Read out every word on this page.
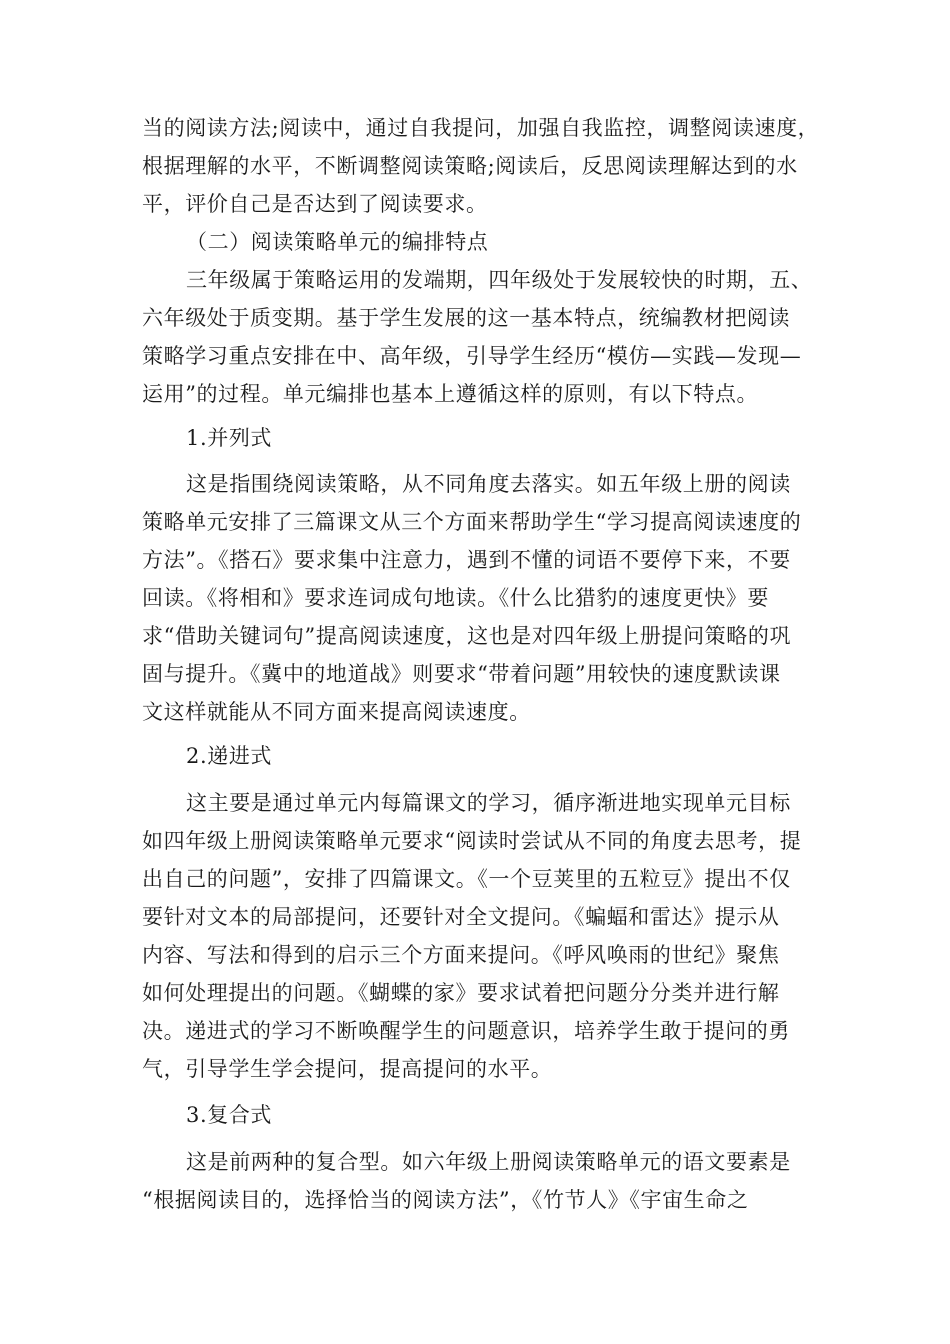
当的阅读方法;阅读中，通过自我提问，加强自我监控，调整阅读速度，
根据理解的水平，不断调整阅读策略;阅读后，反思阅读理解达到的水
平，评价自己是否达到了阅读要求。
（二）阅读策略单元的编排特点
三年级属于策略运用的发端期，四年级处于发展较快的时期，五、
六年级处于质变期。基于学生发展的这一基本特点，统编教材把阅读
策略学习重点安排在中、高年级，引导学生经历“模仿—实践—发现—
运用”的过程。单元编排也基本上遵循这样的原则，有以下特点。
1.并列式
这是指围绕阅读策略，从不同角度去落实。如五年级上册的阅读
策略单元安排了三篇课文从三个方面来帮助学生“学习提高阅读速度的
方法”。《搭石》要求集中注意力，遇到不懂的词语不要停下来，不要
回读。《将相和》要求连词成句地读。《什么比猎豹的速度更快》要
求“借助关键词句”提高阅读速度，这也是对四年级上册提问策略的巩
固与提升。《冀中的地道战》则要求“带着问题”用较快的速度默读课
文这样就能从不同方面来提高阅读速度。
2.递进式
这主要是通过单元内每篇课文的学习，循序渐进地实现单元目标
如四年级上册阅读策略单元要求“阅读时尝试从不同的角度去思考，提
出自己的问题”，安排了四篇课文。《一个豆荚里的五粒豆》提出不仅
要针对文本的局部提问，还要针对全文提问。《蝙蝠和雷达》提示从
内容、写法和得到的启示三个方面来提问。《呼风唤雨的世纪》聚焦
如何处理提出的问题。《蝴蝶的家》要求试着把问题分分类并进行解
决。递进式的学习不断唤醒学生的问题意识，培养学生敢于提问的勇
气，引导学生学会提问，提高提问的水平。
3.复合式
这是前两种的复合型。如六年级上册阅读策略单元的语文要素是
“根据阅读目的，选择恰当的阅读方法”，《竹节人》《宇宙生命之
